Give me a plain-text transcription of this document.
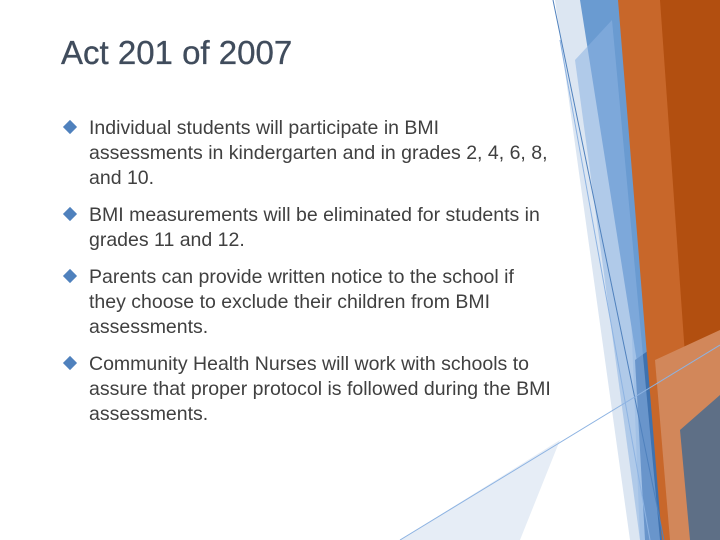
Act 201 of 2007
Individual students will participate in BMI assessments in kindergarten and in grades 2, 4, 6, 8, and 10.
BMI measurements will be eliminated for students in grades 11 and 12.
Parents can provide written notice to the school if they choose to exclude their children from BMI assessments.
Community Health Nurses will work with schools to assure that proper protocol is followed during the BMI assessments.
